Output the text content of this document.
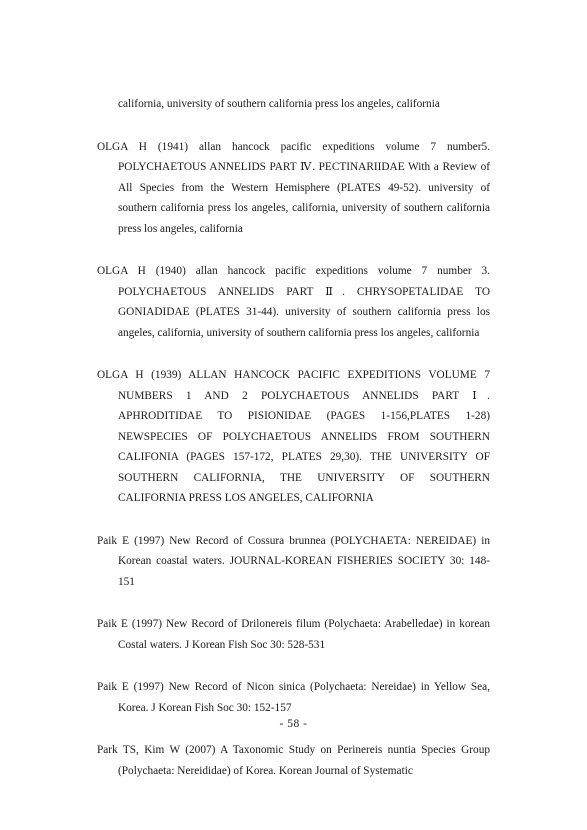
california, university of southern california press los angeles, california
OLGA H (1941) allan hancock pacific expeditions volume 7 number5. POLYCHAETOUS ANNELIDS PART Ⅳ. PECTINARIIDAE With a Review of All Species from the Western Hemisphere (PLATES 49-52). university of southern california press los angeles, california, university of southern california press los angeles, california
OLGA H (1940) allan hancock pacific expeditions volume 7 number 3. POLYCHAETOUS ANNELIDS PART Ⅱ. CHRYSOPETALIDAE TO GONIADIDAE (PLATES 31-44). university of southern california press los angeles, california, university of southern california press los angeles, california
OLGA H (1939) ALLAN HANCOCK PACIFIC EXPEDITIONS VOLUME 7 NUMBERS 1 AND 2 POLYCHAETOUS ANNELIDS PART Ⅰ. APHRODITIDAE TO PISIONIDAE (PAGES 1-156,PLATES 1-28) NEWSPECIES OF POLYCHAETOUS ANNELIDS FROM SOUTHERN CALIFONIA (PAGES 157-172, PLATES 29,30). THE UNIVERSITY OF SOUTHERN CALIFORNIA, THE UNIVERSITY OF SOUTHERN CALIFORNIA PRESS LOS ANGELES, CALIFORNIA
Paik E (1997) New Record of Cossura brunnea (POLYCHAETA: NEREIDAE) in Korean coastal waters. JOURNAL-KOREAN FISHERIES SOCIETY 30: 148-151
Paik E (1997) New Record of Drilonereis filum (Polychaeta: Arabelledae) in korean Costal waters. J Korean Fish Soc 30: 528-531
Paik E (1997) New Record of Nicon sinica (Polychaeta: Nereidae) in Yellow Sea, Korea. J Korean Fish Soc 30: 152-157
Park TS, Kim W (2007) A Taxonomic Study on Perinereis nuntia Species Group (Polychaeta: Nereididae) of Korea. Korean Journal of Systematic
- 58 -
